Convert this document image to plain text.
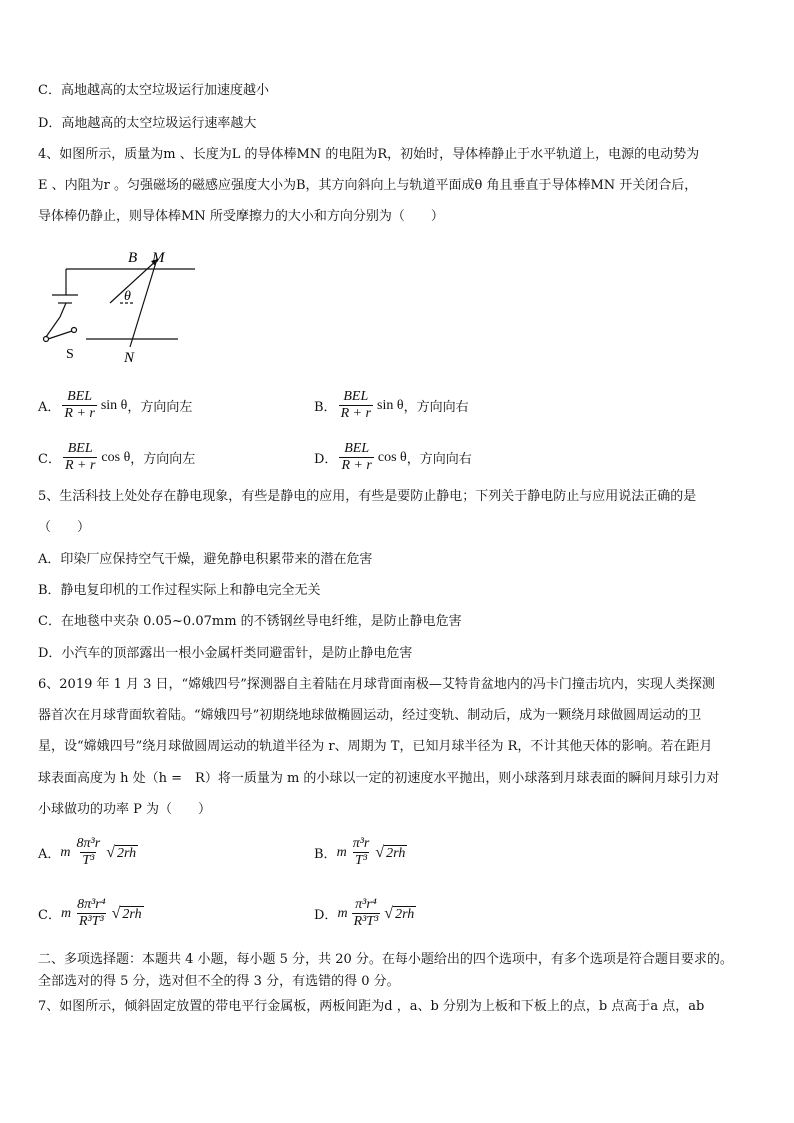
C．高地越高的太空垃圾运行加速度越小
D．高地越高的太空垃圾运行速率越大
4、如图所示，质量为m 、长度为L 的导体棒MN 的电阻为R，初始时，导体棒静止于水平轨道上，电源的电动势为
E 、内阻为r 。匀强磁场的磁感应强度大小为B，其方向斜向上与轨道平面成θ 角且垂直于导体棒MN 开关闭合后，
导体棒仍静止，则导体棒MN 所受摩擦力的大小和方向分别为（　　）
B M
θ
S	N
A． $\frac{\text{BEL}}{R + r}$ sin θ ，方向向左	B． $\frac{\text{BEL}}{R + r}$ sin θ ，方向向右
C． $\frac{\text{BEL}}{R + r}$ cos θ ，方向向左	D． $\frac{\text{BEL}}{R + r}$ cos θ ，方向向右
5、生活科技上处处存在静电现象，有些是静电的应用，有些是要防止静电；下列关于静电防止与应用说法正确的是
（　　）
A．印染厂应保持空气干燥，避免静电积累带来的潜在危害
B．静电复印机的工作过程实际上和静电完全无关
C．在地毯中夹杂 0.05~0.07mm 的不锈钢丝导电纤维，是防止静电危害
D．小汽车的顶部露出一根小金属杆类同避雷针，是防止静电危害
6、2019 年 1 月 3 日，“嫦娥四号”探测器自主着陆在月球背面南极—艾特肯盆地内的冯卡门撞击坑内，实现人类探测
器首次在月球背面软着陆。“嫦娥四号”初期绕地球做椭圆运动，经过变轨、制动后，成为一颗绕月球做圆周运动的卫
星，设“嫦娥四号”绕月球做圆周运动的轨道半径为 r、周期为 T，已知月球半径为 R，不计其他天体的影响。若在距月
球表面高度为 h 处（h =　R）将一质量为 m 的小球以一定的初速度水平抛出，则小球落到月球表面的瞬间月球引力对
小球做功的功率 P 为（　　）
A． m $\frac{\text{8π³r}}{\text{T³}}$ √ 2rh	B． m $\frac{\text{π³r}}{\text{T³}}$ √ 2rh
C． m $\frac{\text{8π³r⁴}}{\text{R³T³}}$ √ 2rh	D． m $\frac{\text{π³r⁴}}{\text{R³T³}}$ √ 2rh
二、多项选择题：本题共 4 小题，每小题 5 分，共 20 分。在每小题给出的四个选项中，有多个选项是符合题目要求的。
全部选对的得 5 分，选对但不全的得 3 分，有选错的得 0 分。
7、如图所示，倾斜固定放置的带电平行金属板，两板间距为d ，a、b 分别为上板和下板上的点，b 点高于a 点，ab
